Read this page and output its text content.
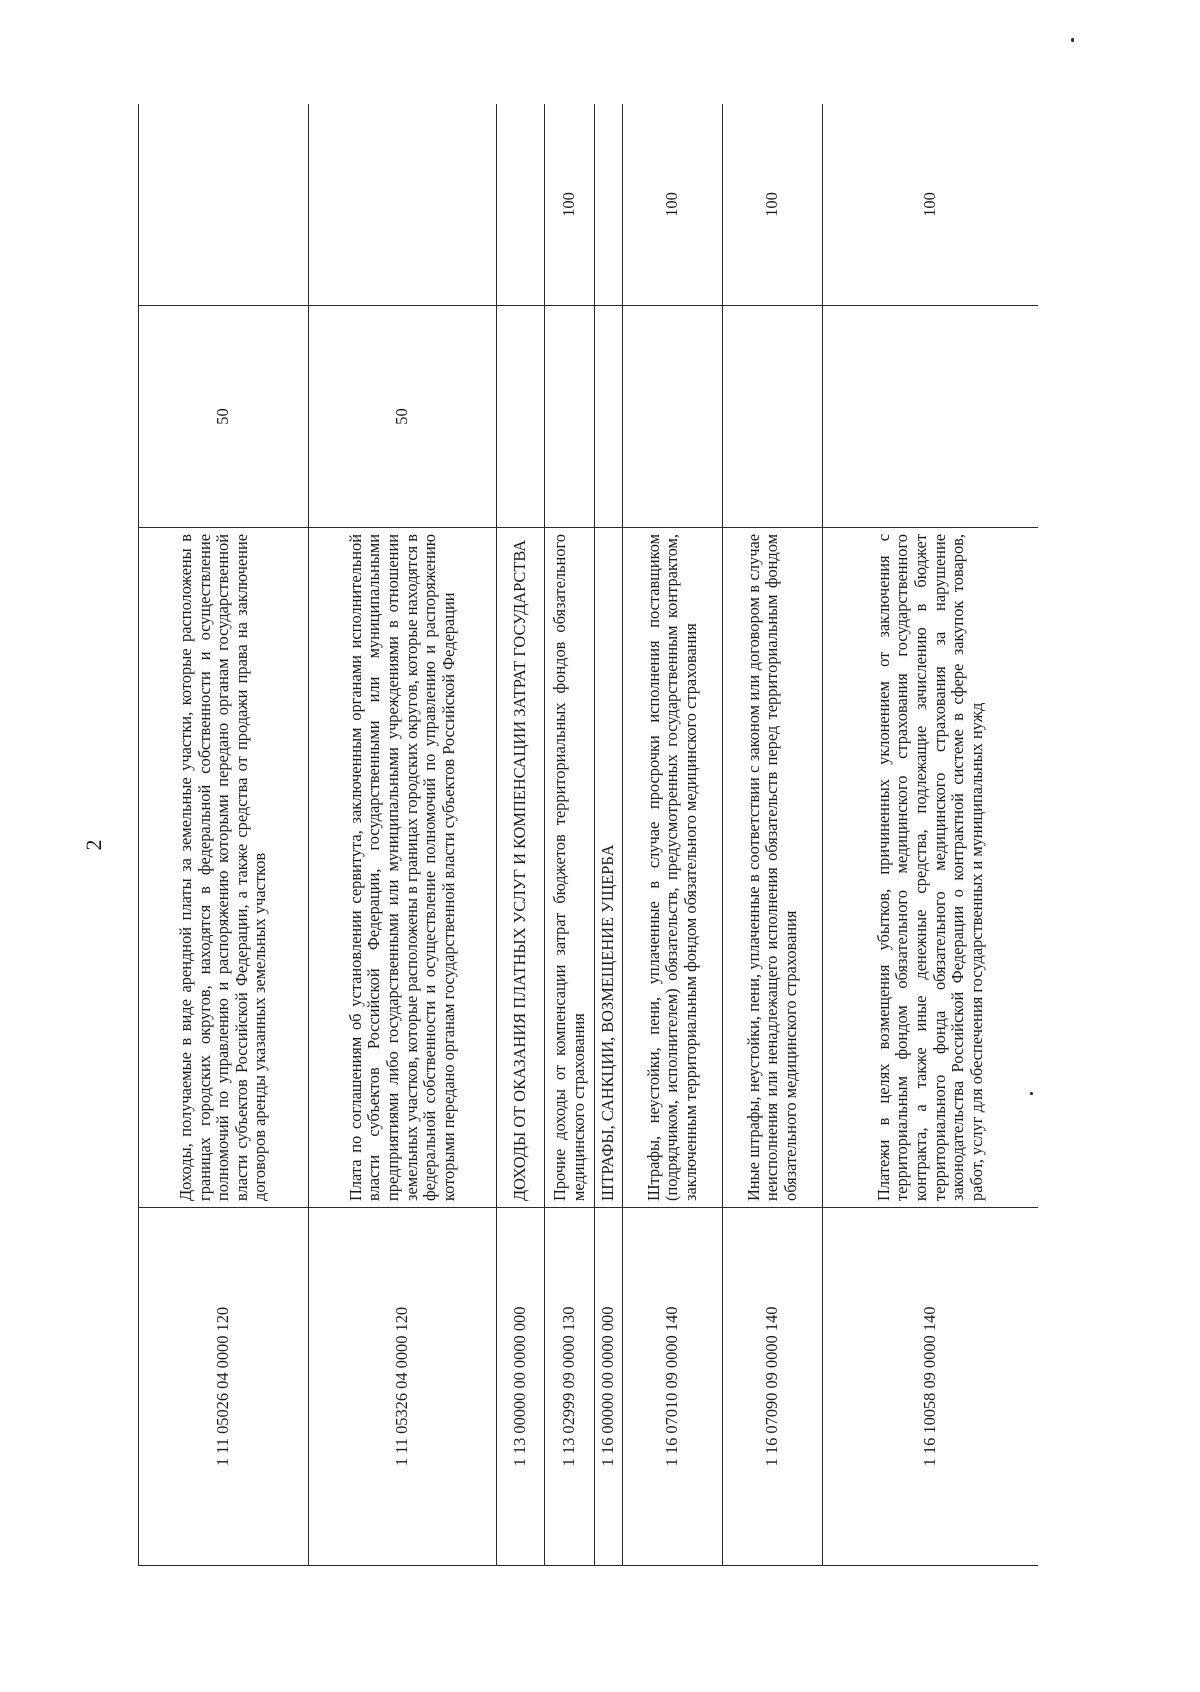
2
1 11 05026 04 0000 120	Доходы, получаемые в виде арендной платы за земельные участки, которые расположены в границах городских округов, находятся в федеральной собственности и осуществление полномочий по управлению и распоряжению которыми передано органам государственной власти субъектов Российской Федерации, а также средства от продажи права на заключение договоров аренды указанных земельных участков	50	
1 11 05326 04 0000 120	Плата по соглашениям об установлении сервитута, заключенным органами исполнительной власти субъектов Российской Федерации, государственными или муниципальными предприятиями либо государственными или муниципальными учреждениями в отношении земельных участков, которые расположены в границах городских округов, которые находятся в федеральной собственности и осуществление полномочий по управлению и распоряжению которыми передано органам государственной власти субъектов Российской Федерации	50	
1 13 00000 00 0000 000	ДОХОДЫ ОТ ОКАЗАНИЯ ПЛАТНЫХ УСЛУГ И КОМПЕНСАЦИИ ЗАТРАТ ГОСУДАРСТВА		
1 13 02999 09 0000 130	Прочие доходы от компенсации затрат бюджетов территориальных фондов обязательного медицинского страхования		100
1 16 00000 00 0000 000	ШТРАФЫ, САНКЦИИ, ВОЗМЕЩЕНИЕ УЩЕРБА		
1 16 07010 09 0000 140	Штрафы, неустойки, пени, уплаченные в случае просрочки исполнения поставщиком (подрядчиком, исполнителем) обязательств, предусмотренных государственным контрактом, заключенным территориальным фондом обязательного медицинского страхования		100
1 16 07090 09 0000 140	Иные штрафы, неустойки, пени, уплаченные в соответствии с законом или договором в случае неисполнения или ненадлежащего исполнения обязательств перед территориальным фондом обязательного медицинского страхования		100
1 16 10058 09 0000 140	Платежи в целях возмещения убытков, причиненных уклонением от заключения с территориальным фондом обязательного медицинского страхования государственного контракта, а также иные денежные средства, подлежащие зачислению в бюджет территориального фонда обязательного медицинского страхования за нарушение законодательства Российской Федерации о контрактной системе в сфере закупок товаров, работ, услуг для обеспечения государственных и муниципальных нужд		100
